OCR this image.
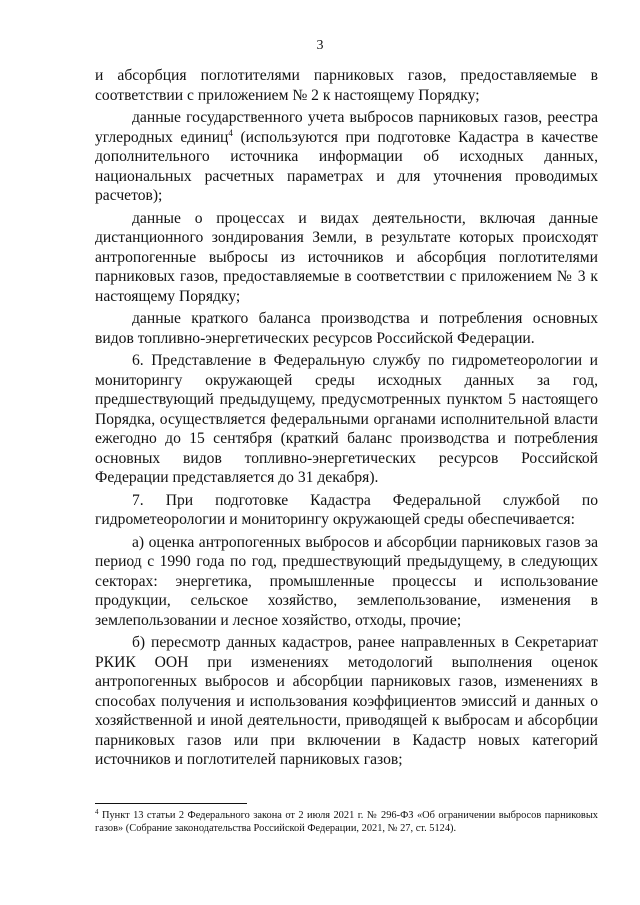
3

и абсорбция поглотителями парниковых газов, предоставляемые в соответствии с приложением № 2 к настоящему Порядку;

данные государственного учета выбросов парниковых газов, реестра углеродных единиц$^4$ (используются при подготовке Кадастра в качестве дополнительного источника информации об исходных данных, национальных расчетных параметрах и для уточнения проводимых расчетов);

данные о процессах и видах деятельности, включая данные дистанционного зондирования Земли, в результате которых происходят антропогенные выбросы из источников и абсорбция поглотителями парниковых газов, предоставляемые в соответствии с приложением № 3 к настоящему Порядку;

данные краткого баланса производства и потребления основных видов топливно-энергетических ресурсов Российской Федерации.

6. Представление в Федеральную службу по гидрометеорологии и мониторингу окружающей среды исходных данных за год, предшествующий предыдущему, предусмотренных пунктом 5 настоящего Порядка, осуществляется федеральными органами исполнительной власти ежегодно до 15 сентября (краткий баланс производства и потребления основных видов топливно-энергетических ресурсов Российской Федерации представляется до 31 декабря).

7. При подготовке Кадастра Федеральной службой по гидрометеорологии и мониторингу окружающей среды обеспечивается:

а) оценка антропогенных выбросов и абсорбции парниковых газов за период с 1990 года по год, предшествующий предыдущему, в следующих секторах: энергетика, промышленные процессы и использование продукции, сельское хозяйство, землепользование, изменения в землепользовании и лесное хозяйство, отходы, прочие;

б) пересмотр данных кадастров, ранее направленных в Секретариат РКИК ООН при изменениях методологий выполнения оценок антропогенных выбросов и абсорбции парниковых газов, изменениях в способах получения и использования коэффициентов эмиссий и данных о хозяйственной и иной деятельности, приводящей к выбросам и абсорбции парниковых газов или при включении в Кадастр новых категорий источников и поглотителей парниковых газов;

$^4$ Пункт 13 статьи 2 Федерального закона от 2 июля 2021 г. № 296-ФЗ «Об ограничении выбросов парниковых газов» (Собрание законодательства Российской Федерации, 2021, № 27, ст. 5124).
